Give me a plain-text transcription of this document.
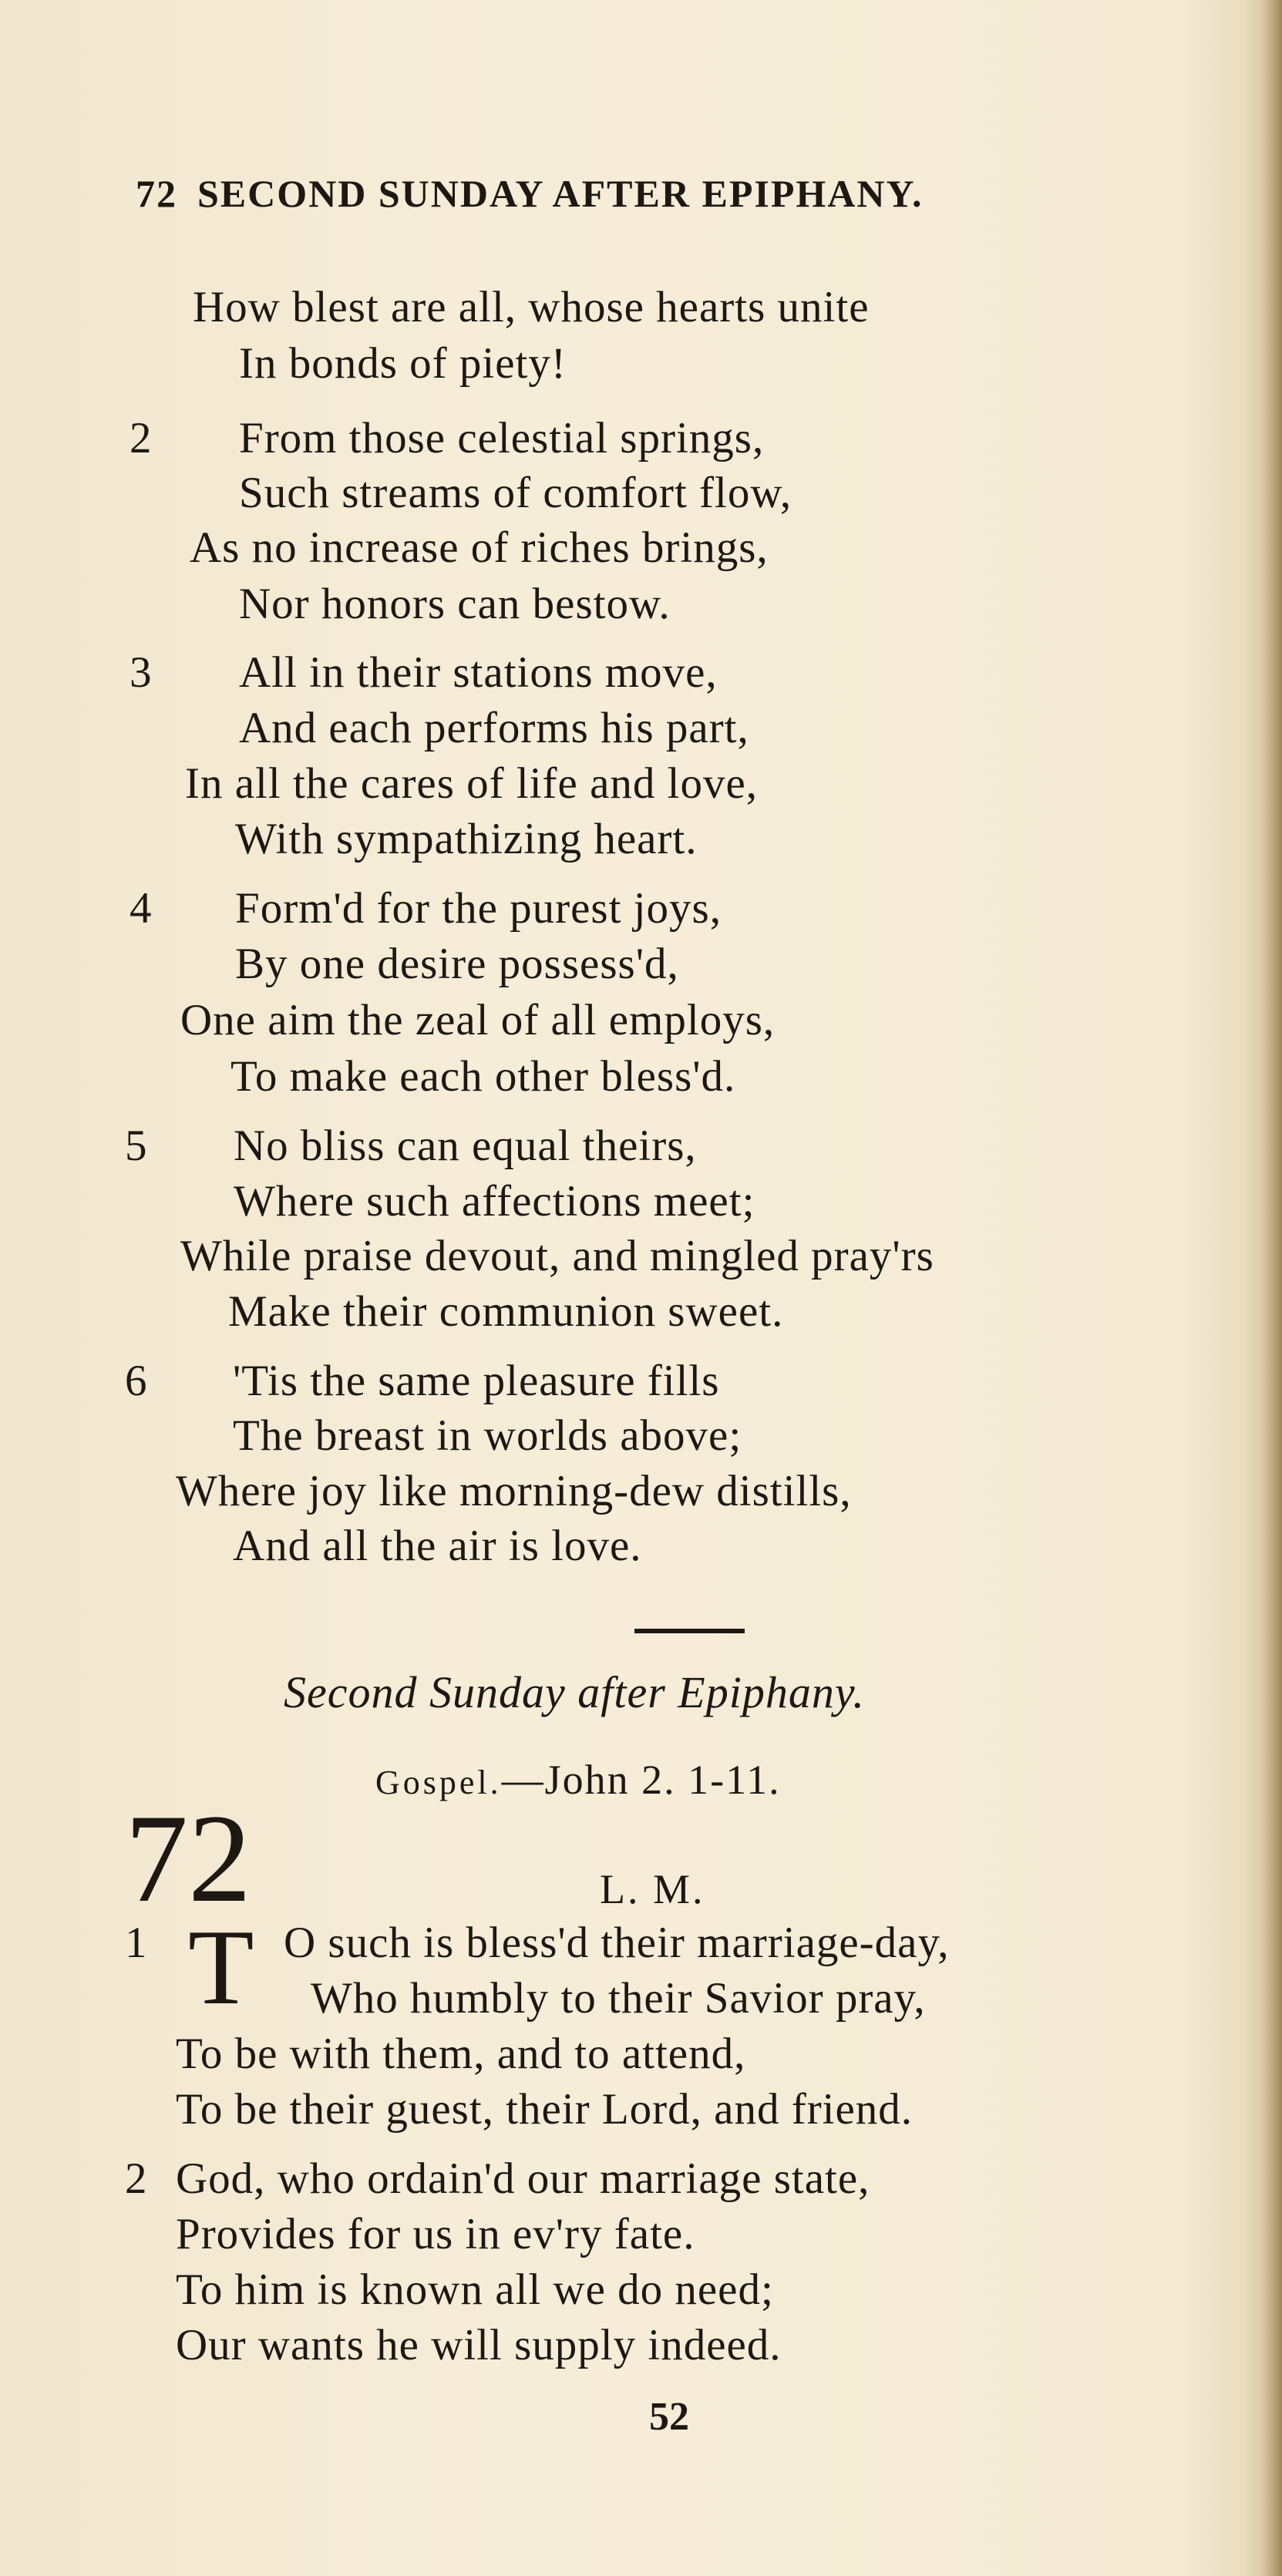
72 SECOND SUNDAY AFTER EPIPHANY.
How blest are all, whose hearts unite
In bonds of piety!
2 From those celestial springs,
Such streams of comfort flow,
As no increase of riches brings,
Nor honors can bestow.
3 All in their stations move,
And each performs his part,
In all the cares of life and love,
With sympathizing heart.
4 Form'd for the purest joys,
By one desire possess'd,
One aim the zeal of all employs,
To make each other bless'd.
5 No bliss can equal theirs,
Where such affections meet;
While praise devout, and mingled pray'rs
Make their communion sweet.
6 'Tis the same pleasure fills
The breast in worlds above;
Where joy like morning-dew distills,
And all the air is love.
Second Sunday after Epiphany.
Gospel.—John 2. 1-11.
72	L. M.
1 T O such is bless'd their marriage-day,
Who humbly to their Savior pray,
To be with them, and to attend,
To be their guest, their Lord, and friend.
2 God, who ordain'd our marriage state,
Provides for us in ev'ry fate.
To him is known all we do need;
Our wants he will supply indeed.
52
